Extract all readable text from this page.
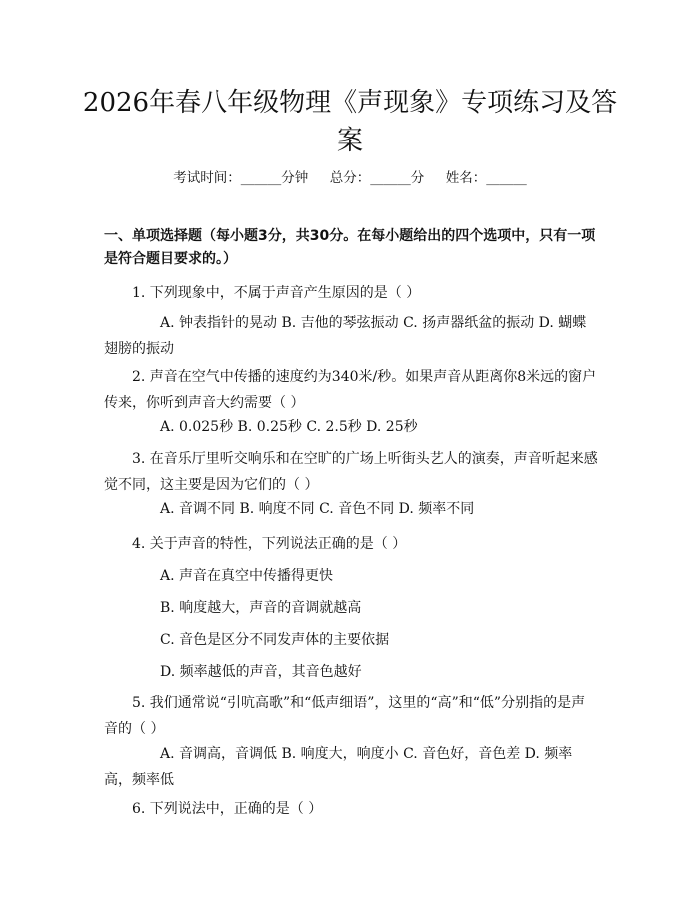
2026年春八年级物理《声现象》专项练习及答案
考试时间：______分钟     总分：______分     姓名：______
一、单项选择题（每小题3分，共30分。在每小题给出的四个选项中，只有一项是符合题目要求的。）
1. 下列现象中，不属于声音产生原因的是（ ）
A. 钟表指针的晃动 B. 吉他的琴弦振动 C. 扬声器纸盆的振动 D. 蝴蝶翅膀的振动
2. 声音在空气中传播的速度约为340米/秒。如果声音从距离你8米远的窗户传来，你听到声音大约需要（ ）
A. 0.025秒 B. 0.25秒 C. 2.5秒 D. 25秒
3. 在音乐厅里听交响乐和在空旷的广场上听街头艺人的演奏，声音听起来感觉不同，这主要是因为它们的（ ）
A. 音调不同 B. 响度不同 C. 音色不同 D. 频率不同
4. 关于声音的特性，下列说法正确的是（ ）
A. 声音在真空中传播得更快
B. 响度越大，声音的音调就越高
C. 音色是区分不同发声体的主要依据
D. 频率越低的声音，其音色越好
5. 我们通常说“引吭高歌”和“低声细语”，这里的“高”和“低”分别指的是声音的（ ）
A. 音调高，音调低 B. 响度大，响度小 C. 音色好，音色差 D. 频率高，频率低
6. 下列说法中，正确的是（ ）
